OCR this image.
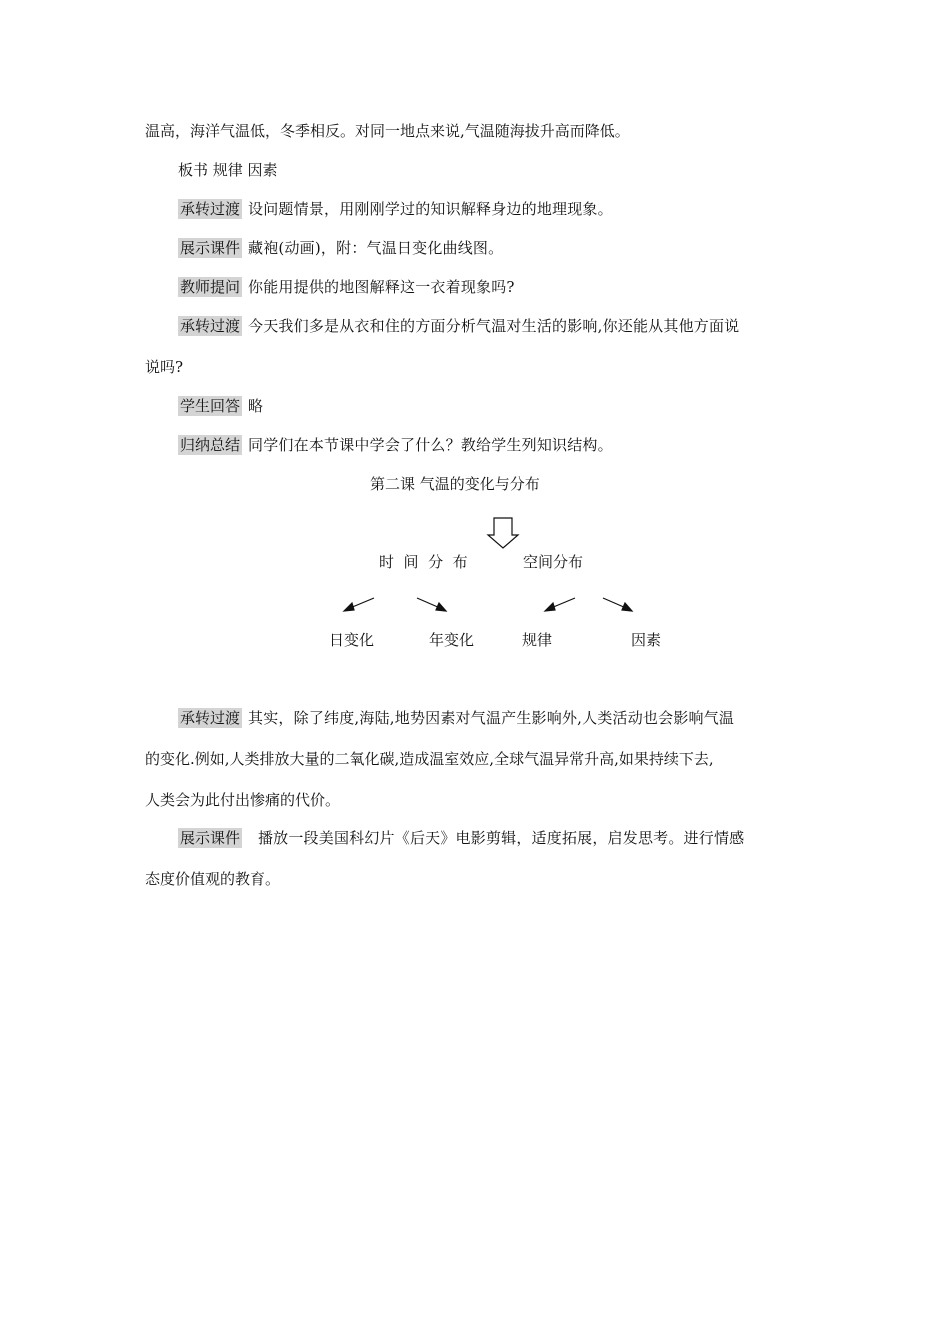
温高，海洋气温低，冬季相反。对同一地点来说,气温随海拔升高而降低。
板书 规律 因素
承转过渡 设问题情景，用刚刚学过的知识解释身边的地理现象。
展示课件 藏袍(动画)，附：气温日变化曲线图。
教师提问 你能用提供的地图解释这一衣着现象吗?
承转过渡 今天我们多是从衣和住的方面分析气温对生活的影响,你还能从其他方面说
说吗?
学生回答 略
归纳总结 同学们在本节课中学会了什么？教给学生列知识结构。
第二课 气温的变化与分布
时  间  分  布	空间分布
日变化	年变化	规律	因素
承转过渡 其实，除了纬度,海陆,地势因素对气温产生影响外,人类活动也会影响气温
的变化.例如,人类排放大量的二氧化碳,造成温室效应,全球气温异常升高,如果持续下去,
人类会为此付出惨痛的代价。
展示课件  播放一段美国科幻片《后天》电影剪辑，适度拓展，启发思考。进行情感
态度价值观的教育。
